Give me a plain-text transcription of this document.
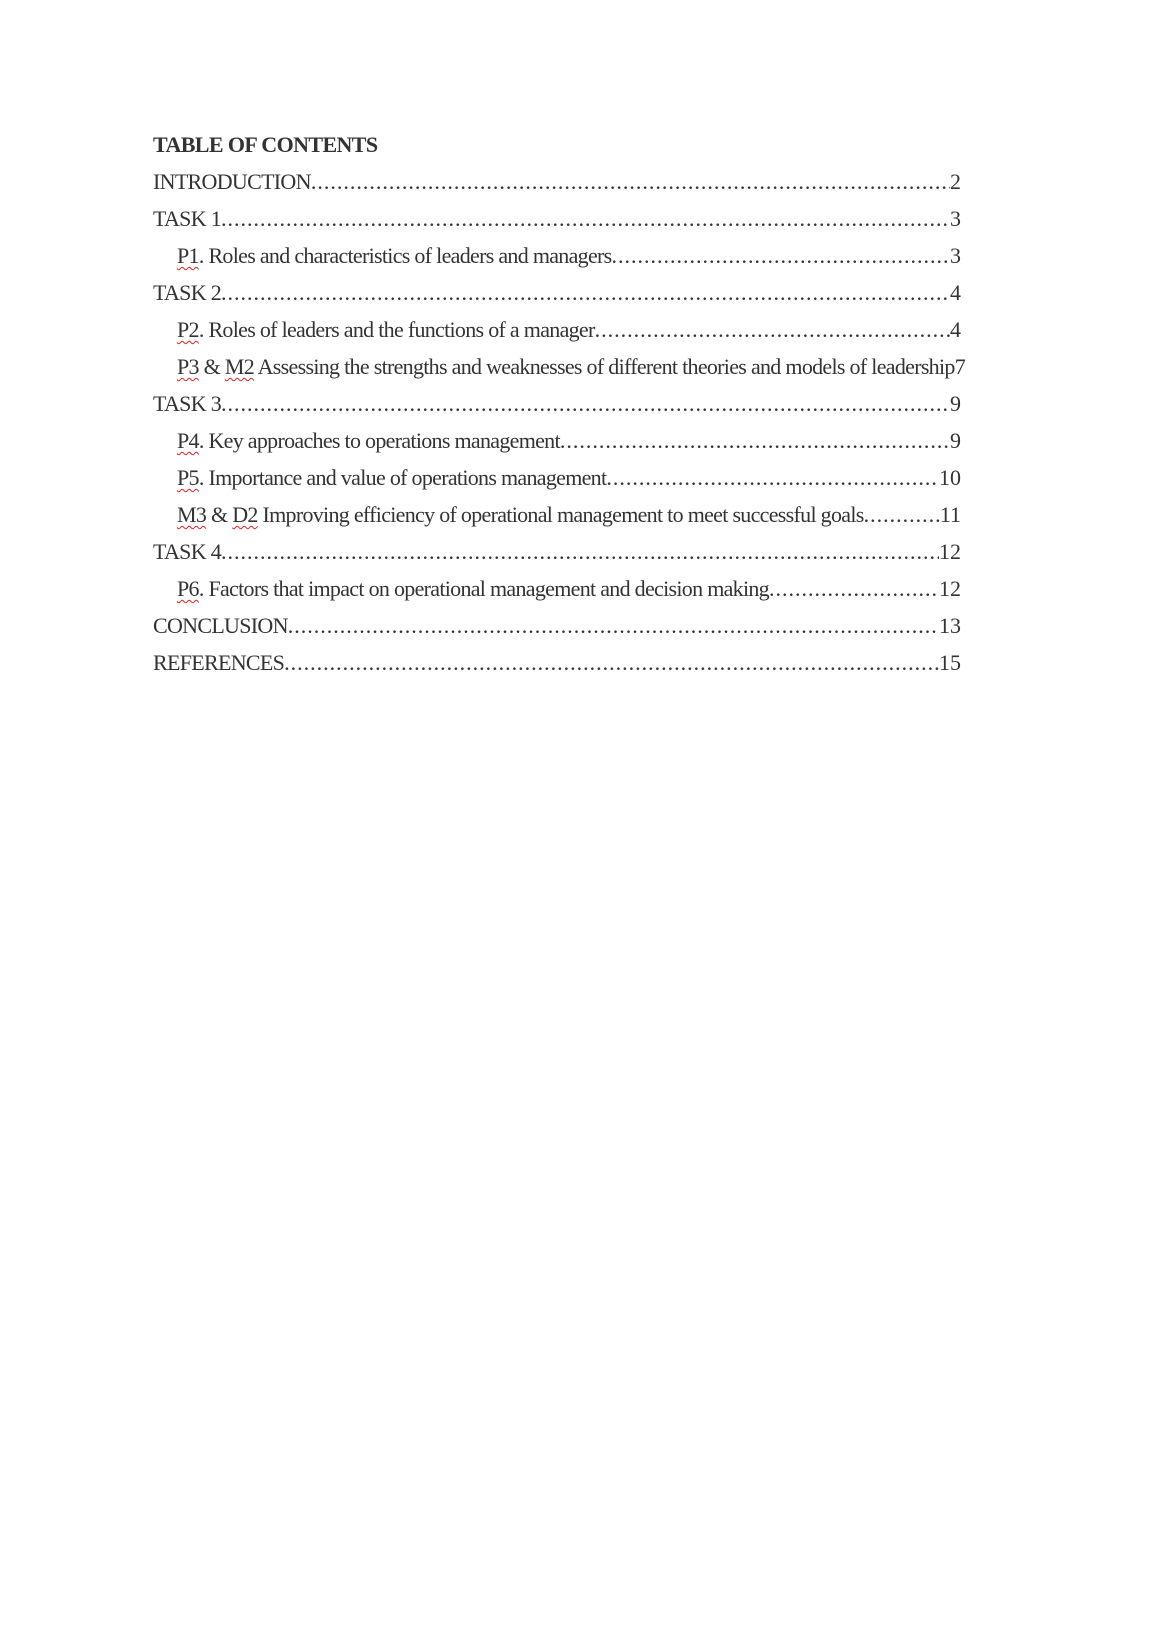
TABLE OF CONTENTS
INTRODUCTION .....	2
TASK 1 .....	3
P1. Roles and characteristics of leaders and managers .....	3
TASK 2 .....	4
P2. Roles of leaders and the functions of a manager .....	4
P3 & M2 Assessing the strengths and weaknesses of different theories and models of leadership 7
TASK 3 .....	9
P4. Key approaches to operations management .....	9
P5. Importance and value of operations management .....	10
M3 & D2 Improving efficiency of operational management to meet successful goals .....	11
TASK 4 .....	12
P6. Factors that impact on operational management and decision making .....	12
CONCLUSION .....	13
REFERENCES .....	15
